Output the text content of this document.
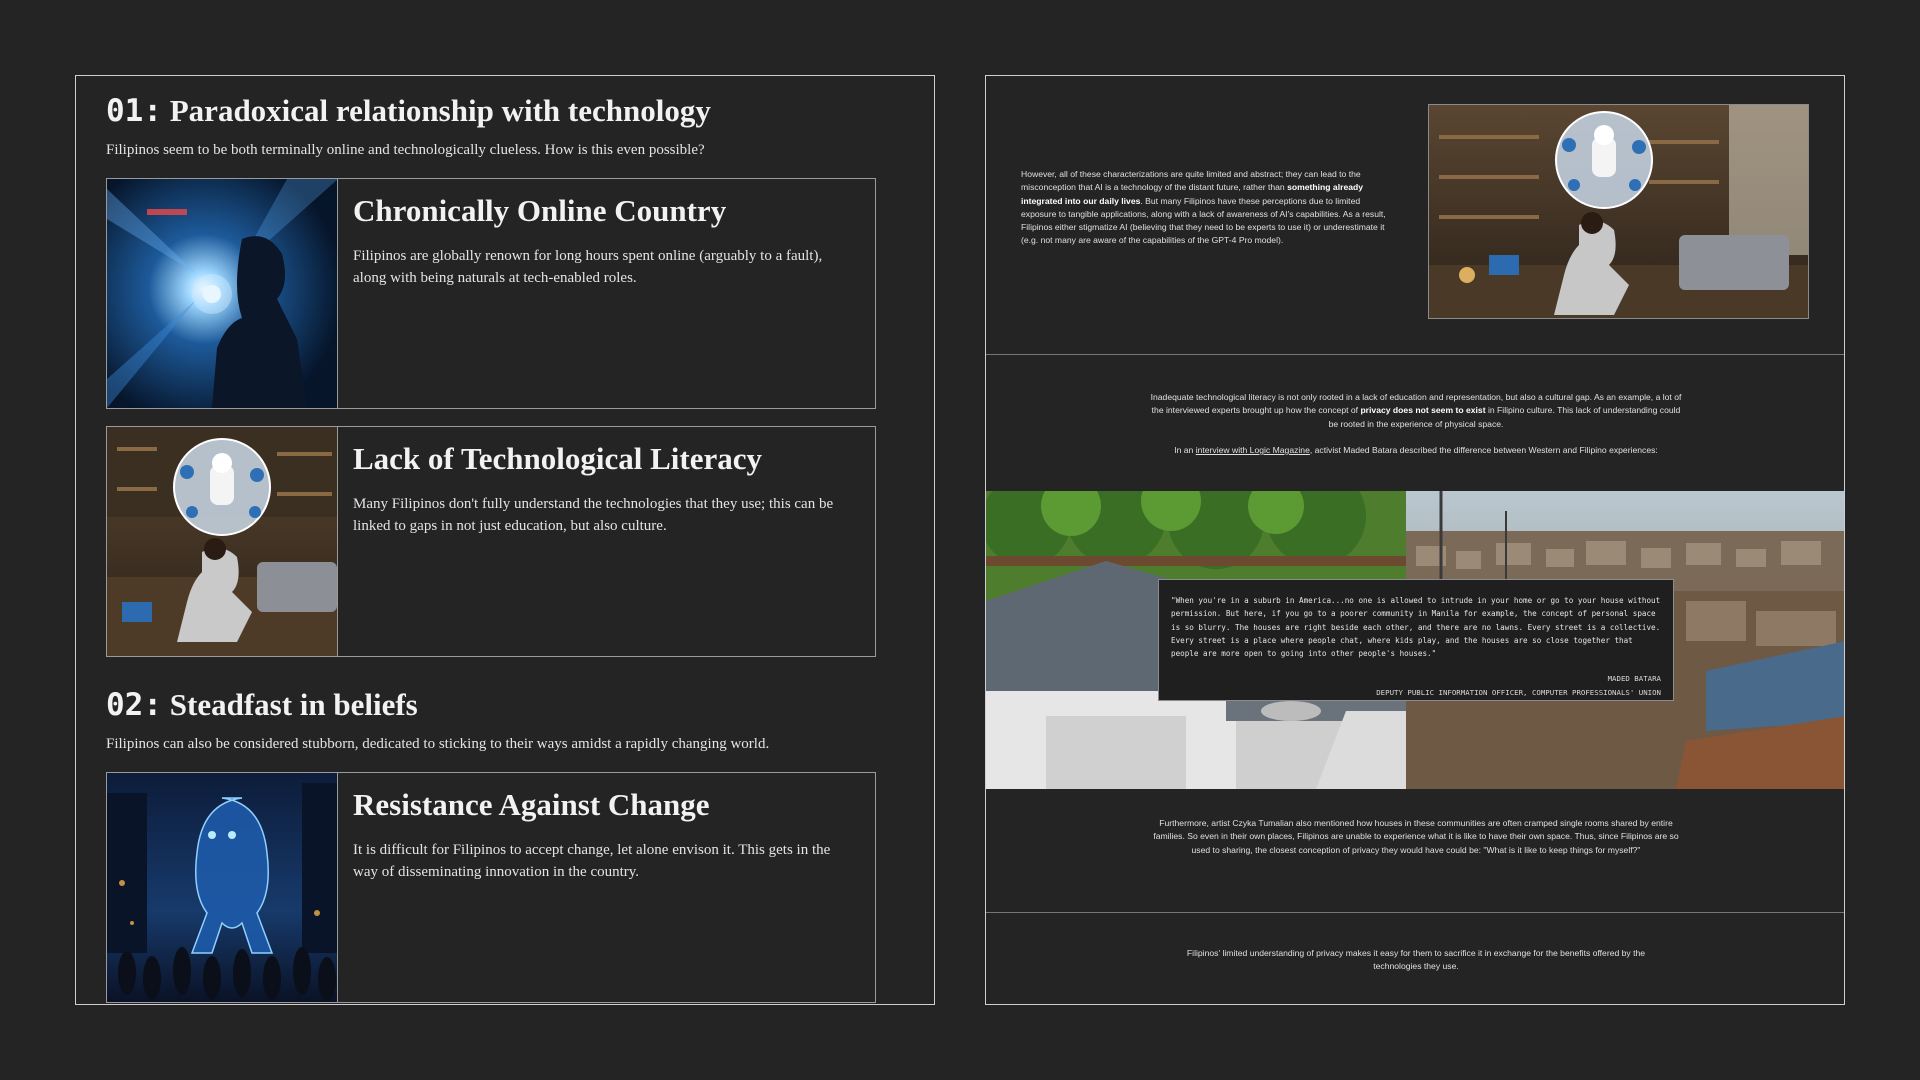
01: Paradoxical relationship with technology
Filipinos seem to be both terminally online and technologically clueless. How is this even possible?
Chronically Online Country
Filipinos are globally renown for long hours spent online (arguably to a fault), along with being naturals at tech-enabled roles.
Lack of Technological Literacy
Many Filipinos don't fully understand the technologies that they use; this can be linked to gaps in not just education, but also culture.
02: Steadfast in beliefs
Filipinos can also be considered stubborn, dedicated to sticking to their ways amidst a rapidly changing world.
Resistance Against Change
It is difficult for Filipinos to accept change, let alone envison it. This gets in the way of disseminating innovation in the country.
However, all of these characterizations are quite limited and abstract; they can lead to the misconception that AI is a technology of the distant future, rather than something already integrated into our daily lives. But many Filipinos have these perceptions due to limited exposure to tangible applications, along with a lack of awareness of AI's capabilities. As a result, Filipinos either stigmatize AI (believing that they need to be experts to use it) or underestimate it (e.g. not many are aware of the capabilities of the GPT-4 Pro model).
Inadequate technological literacy is not only rooted in a lack of education and representation, but also a cultural gap. As an example, a lot of the interviewed experts brought up how the concept of privacy does not seem to exist in Filipino culture. This lack of understanding could be rooted in the experience of physical space.
In an interview with Logic Magazine, activist Maded Batara described the difference between Western and Filipino experiences:
"When you're in a suburb in America...no one is allowed to intrude in your home or go to your house without permission. But here, if you go to a poorer community in Manila for example, the concept of personal space is so blurry. The houses are right beside each other, and there are no lawns. Every street is a collective. Every street is a place where people chat, where kids play, and the houses are so close together that people are more open to going into other people's houses."
MADED BATARA
DEPUTY PUBLIC INFORMATION OFFICER, COMPUTER PROFESSIONALS' UNION
Furthermore, artist Czyka Tumalian also mentioned how houses in these communities are often cramped single rooms shared by entire families. So even in their own places, Filipinos are unable to experience what it is like to have their own space. Thus, since Filipinos are so used to sharing, the closest conception of privacy they would have could be: "What is it like to keep things for myself?"
Filipinos' limited understanding of privacy makes it easy for them to sacrifice it in exchange for the benefits offered by the technologies they use.
